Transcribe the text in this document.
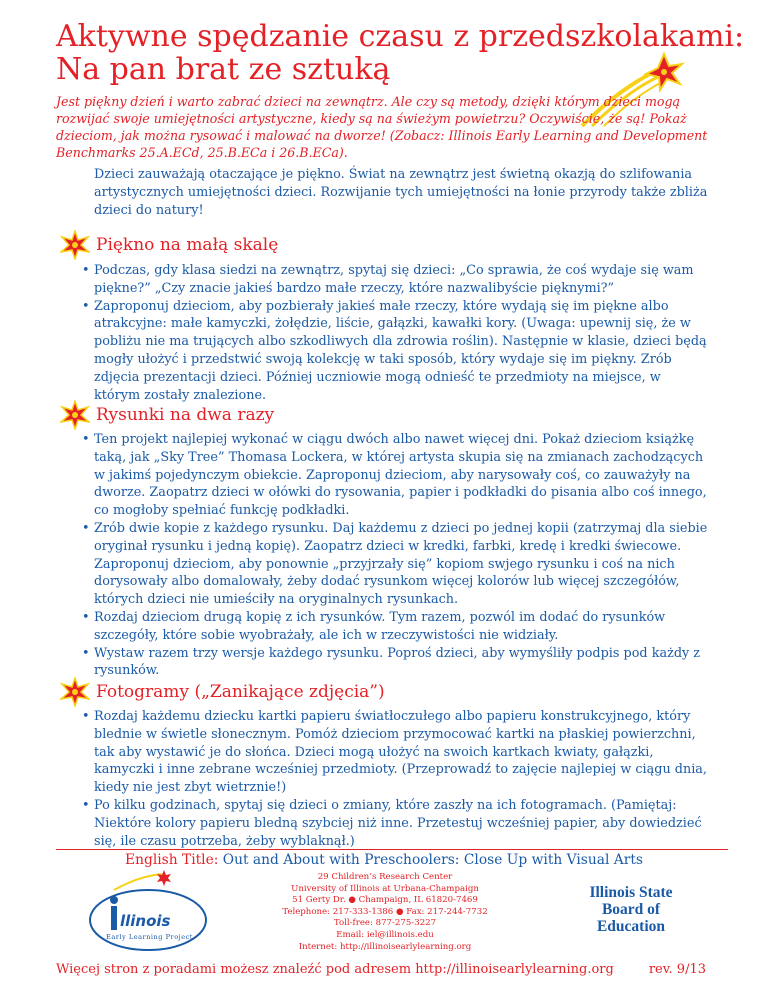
Aktywne spędzanie czasu z przedszkolakami:
Na pan brat ze sztuką
Jest piękny dzień i warto zabrać dzieci na zewnątrz. Ale czy są metody, dzięki którym dzieci mogą rozwijać swoje umiejętności artystyczne, kiedy są na świeżym powietrzu? Oczywiście, że są! Pokaż dzieciom, jak można rysować i malować na dworze! (Zobacz: Illinois Early Learning and Development Benchmarks 25.A.ECd, 25.B.ECa i 26.B.ECa).
Dzieci zauważają otaczające je piękno. Świat na zewnątrz jest świetną okazją do szlifowania artystycznych umiejętności dzieci. Rozwijanie tych umiejętności na łonie przyrody także zbliża dzieci do natury!
Piękno na małą skalę
• Podczas, gdy klasa siedzi na zewnątrz, spytaj się dzieci: „Co sprawia, że coś wydaje się wam piękne?” „Czy znacie jakieś bardzo małe rzeczy, które nazwalibyście pięknymi?”
• Zaproponuj dzieciom, aby pozbierały jakieś małe rzeczy, które wydają się im piękne albo atrakcyjne: małe kamyczki, żołędzie, liście, gałązki, kawałki kory. (Uwaga: upewnij się, że w pobliżu nie ma trujących albo szkodliwych dla zdrowia roślin). Następnie w klasie, dzieci będą mogły ułożyć i przedstwić swoją kolekcję w taki sposób, który wydaje się im piękny. Zrób zdjęcia prezentacji dzieci. Później uczniowie mogą odnieść te przedmioty na miejsce, w którym zostały znalezione.
Rysunki na dwa razy
• Ten projekt najlepiej wykonać w ciągu dwóch albo nawet więcej dni. Pokaż dzieciom książkę taką, jak „Sky Tree” Thomasa Lockera, w której artysta skupia się na zmianach zachodzących w jakimś pojedynczym obiekcie. Zaproponuj dzieciom, aby narysowały coś, co zauważyły na dworze. Zaopatrz dzieci w ołówki do rysowania, papier i podkładki do pisania albo coś innego, co mogłoby spełniać funkcję podkładki.
• Zrób dwie kopie z każdego rysunku. Daj każdemu z dzieci po jednej kopii (zatrzymaj dla siebie oryginał rysunku i jedną kopię). Zaopatrz dzieci w kredki, farbki, kredę i kredki świecowe. Zaproponuj dzieciom, aby ponownie „przyjrzały się” kopiom swjego rysunku i coś na nich dorysowały albo domalowały, żeby dodać rysunkom więcej kolorów lub więcej szczegółów, których dzieci nie umieściły na oryginalnych rysunkach.
• Rozdaj dzieciom drugą kopię z ich rysunków. Tym razem, pozwól im dodać do rysunków szczegóły, które sobie wyobrażały, ale ich w rzeczywistości nie widziały.
• Wystaw razem trzy wersje każdego rysunku. Poproś dzieci, aby wymyśliły podpis pod każdy z rysunków.
Fotogramy („Zanikające zdjęcia”)
• Rozdaj każdemu dziecku kartki papieru światłoczułego albo papieru konstrukcyjnego, który blednie w świetle słonecznym. Pomóż dzieciom przymocować kartki na płaskiej powierzchni, tak aby wystawić je do słońca. Dzieci mogą ułożyć na swoich kartkach kwiaty, gałązki, kamyczki i inne zebrane wcześniej przedmioty. (Przeprowadź to zajęcie najlepiej w ciągu dnia, kiedy nie jest zbyt wietrznie!)
• Po kilku godzinach, spytaj się dzieci o zmiany, które zaszły na ich fotogramach. (Pamiętaj: Niektóre kolory papieru bledną szybciej niż inne. Przetestuj wcześniej papier, aby dowiedzieć się, ile czasu potrzeba, żeby wyblaknął.)
English Title: Out and About with Preschoolers: Close Up with Visual Arts
llinois
Early Learning Project
29 Children’s Research Center
University of Illinois at Urbana-Champaign
51 Gerty Dr. ● Champaign, IL 61820-7469
Telephone: 217-333-1386 ● Fax: 217-244-7732
Toll-free: 877-275-3227
Email: iel@illinois.edu
Internet: http://illinoisearlylearning.org
Illinois State
Board of Education
Więcej stron z poradami możesz znaleźć pod adresem http://illinoisearlylearning.org	rev. 9/13
